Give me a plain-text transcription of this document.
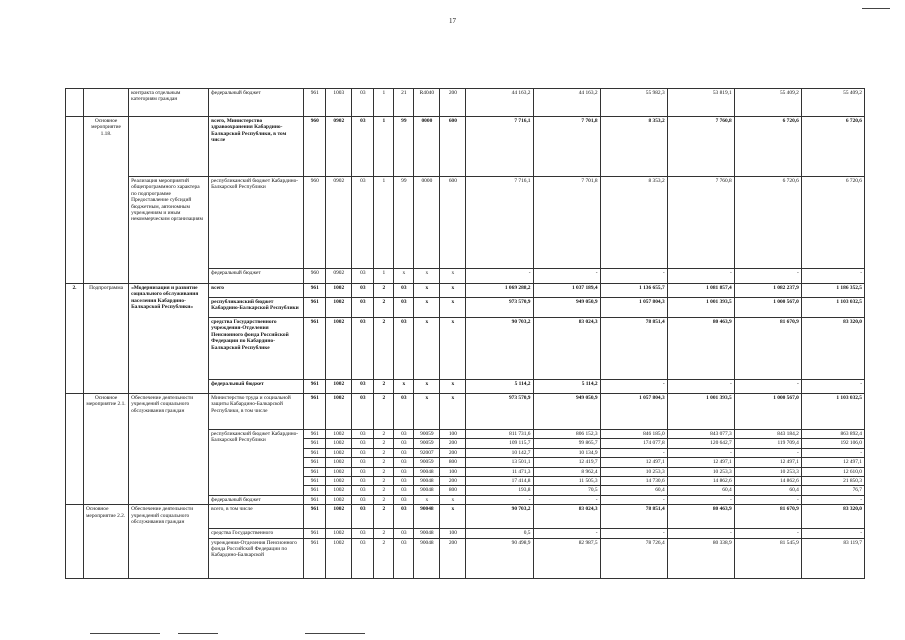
17
		контракта отдельным категориям граждан	федеральный бюджет	961	1003	03	1	21	R4040	200	44 163,2	44 163,2	55 982,3	53 819,1	55 409,2	55 409,2
	Основное мероприятие 1.18.		всего, Министерство здравоохранения Кабардино-Балкарской Республики, в том числе	960	0902	03	1	99	0000	600	7 716,1	7 701,8	8 353,2	7 760,8	6 720,6	6 720,6
		Реализация мероприятий общепрограммного характера по подпрограмме Предоставление субсидий бюджетным, автономным учреждениям и иным некоммерческим организациям	республиканский бюджет Кабардино-Балкарской Республики	960	0902	03	1	99	0000	600	7 716,1	7 701,8	8 353,2	7 760,8	6 720,6	6 720,6
			федеральный бюджет	960	0902	03	1	x	x	x	-	-	-	-	-	-
2.	Подпрограмма	«Модернизация и развитие социального обслуживания населения Кабардино-Балкарской Республики»	всего	961	1002	03	2	03	x	x	1 069 288,2	1 037 189,4	1 136 655,7	1 081 857,4	1 082 237,9	1 186 352,5
			республиканский бюджет Кабардино-Балкарской Республики	961	1002	03	2	03	x	x	973 570,9	949 050,9	1 057 804,3	1 001 393,5	1 000 567,0	1 103 032,5
			средства Государственного учреждения-Отделения Пенсионного фонда Российской Федерации по Кабардино-Балкарской Республике	961	1002	03	2	03	x	x	90 703,2	83 024,3	78 851,4	80 463,9	81 670,9	83 320,0
			федеральный бюджет	961	1002	03	2	x	x	x	5 114,2	5 114,2	-	-	-	-
	Основное мероприятие 2.1.	Обеспечение деятельности учреждений социального обслуживания граждан	Министерство труда и социальной защиты Кабардино-Балкарской Республики, в том числе	961	1002	03	2	03	x	x	973 570,9	949 050,9	1 057 804,3	1 001 393,5	1 000 567,0	1 103 032,5
			республиканский бюджет Кабардино-Балкарской Республики	961	1002	03	2	03	90059	100	811 731,6	806 152,3	846 185,0	843 077,3	843 184,2	863 892,4
				961	1002	03	2	03	90059	200	109 115,7	99 865,7	174 077,8	120 642,7	119 709,4	192 106,0
				961	1002	03	2	03	92007	200	10 142,7	10 134,9	-	-	-	-
				961	1002	03	2	03	90059	800	13 501,1	12 419,7	12 497,1	12 497,1	12 497,1	12 497,1
				961	1002	03	2	03	90048	100	11 471,3	8 962,4	10 253,3	10 253,3	10 253,3	12 610,0
				961	1002	03	2	03	90048	200	17 414,8	11 505,3	14 730,6	14 862,6	14 862,6	21 850,3
				961	1002	03	2	03	90048	800	193,8	70,5	60,4	60,4	60,4	76,7
			федеральный бюджет	961	1002	03	2	03	x	x	-	-	-	-	-	-
	Основное мероприятие 2.2.	Обеспечение деятельности учреждений социального обслуживания граждан	всего, в том числе	961	1002	03	2	03	90048	x	90 703,2	83 024,3	78 851,4	80 463,9	81 670,9	83 320,0
			средства Государственного	961	1002	03	2	03	90048	100	0,5	-	-	-	-	-
			учреждения-Отделения Пенсионного фонда Российской Федерации по Кабардино-Балкарской	961	1002	03	2	03	90048	200	90 498,9	82 987,5	78 726,4	80 338,9	81 545,9	83 119,7
